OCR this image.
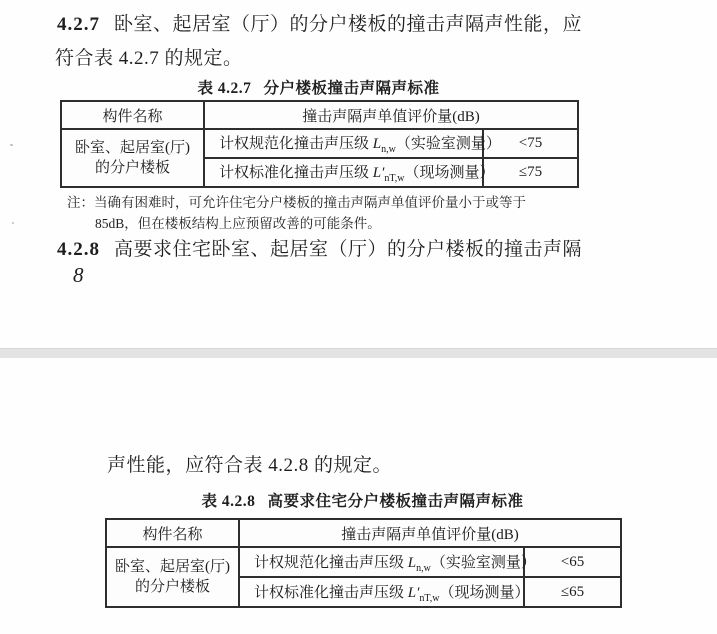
4.2.7 卧室、起居室（厅）的分户楼板的撞击声隔声性能，应
符合表 4.2.7 的规定。
表 4.2.7 分户楼板撞击声隔声标准
构件名称	撞击声隔声单值评价量(dB)	

卧室、起居室(厅)
的分户楼板	计权规范化撞击声压级 $L_{n,w}$（实验室测量）	<75
	计权标准化撞击声压级 $L'_{nT,w}$（现场测量）	≤75
注：当确有困难时，可允许住宅分户楼板的撞击声隔声单值评价量小于或等于
85dB，但在楼板结构上应预留改善的可能条件。
4.2.8 高要求住宅卧室、起居室（厅）的分户楼板的撞击声隔
8
声性能，应符合表 4.2.8 的规定。
表 4.2.8 高要求住宅分户楼板撞击声隔声标准
构件名称	撞击声隔声单值评价量(dB)	

卧室、起居室(厅)
的分户楼板	计权规范化撞击声压级 $L_{n,w}$（实验室测量）	<65
	计权标准化撞击声压级 $L'_{nT,w}$（现场测量）	≤65
